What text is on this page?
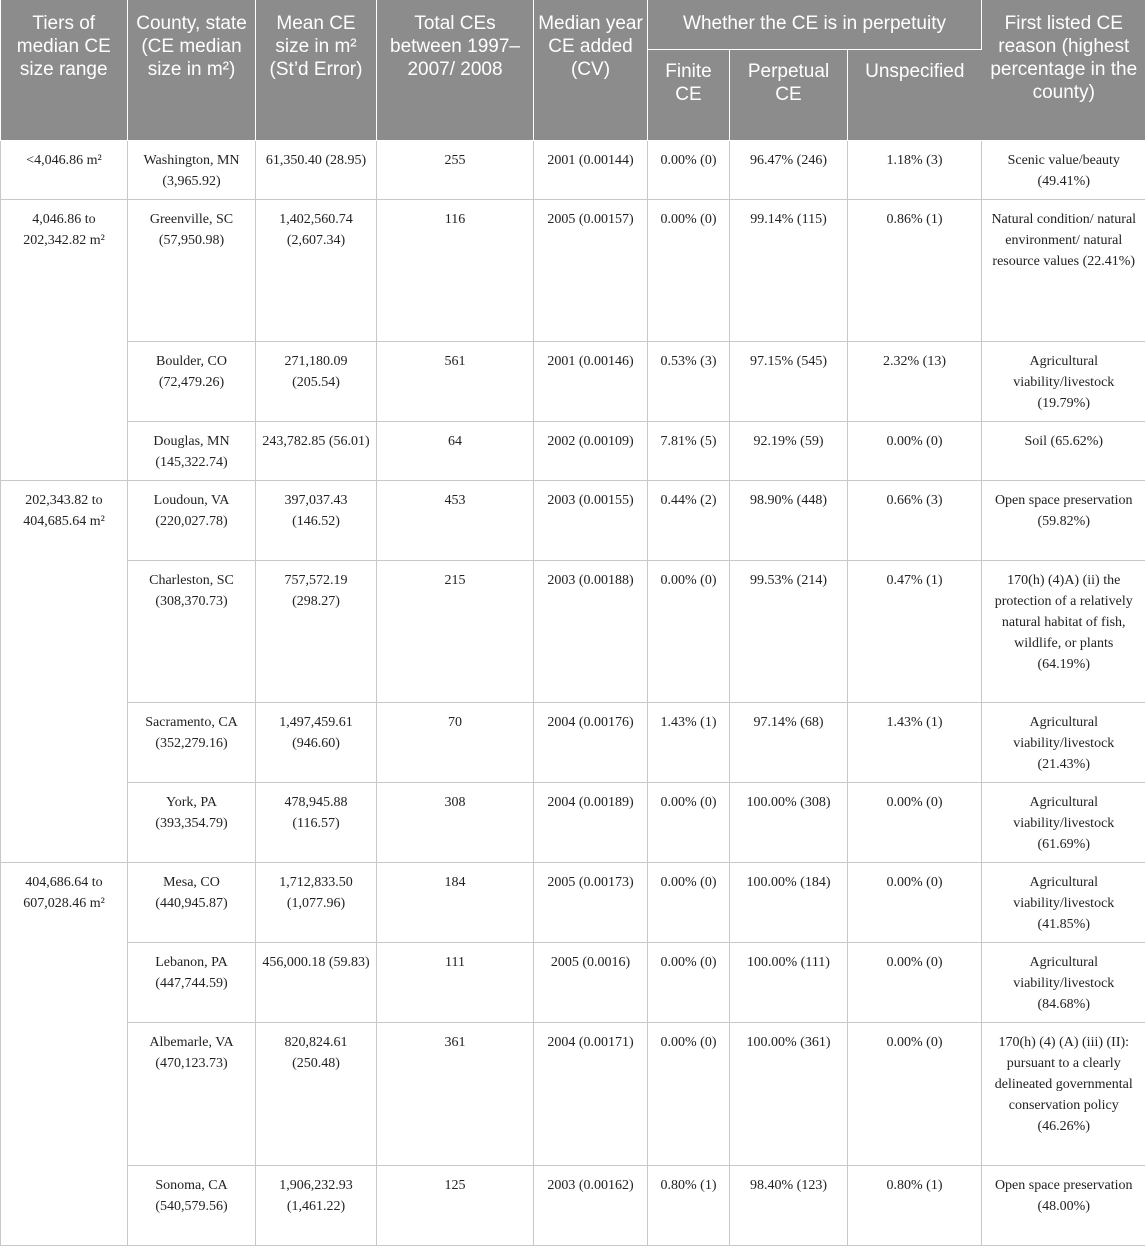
Tiers of median CE size range	County, state (CE median size in m²)	Mean CE size in m² (St’d Error)	Total CEs between 1997–2007/ 2008	Median year CE added (CV)	Whether the CE is in perpetuity			First listed CE reason (highest percentage in the county)
					Finite CE	Perpetual CE	Unspecified	
<4,046.86 m²	Washington, MN (3,965.92)	61,350.40 (28.95)	255	2001 (0.00144)	0.00% (0)	96.47% (246)	1.18% (3)	Scenic value/beauty (49.41%)
4,046.86 to 202,342.82 m²	Greenville, SC (57,950.98)	1,402,560.74 (2,607.34)	116	2005 (0.00157)	0.00% (0)	99.14% (115)	0.86% (1)	Natural condition/ natural environment/ natural resource values (22.41%)
	Boulder, CO (72,479.26)	271,180.09 (205.54)	561	2001 (0.00146)	0.53% (3)	97.15% (545)	2.32% (13)	Agricultural viability/livestock (19.79%)
	Douglas, MN (145,322.74)	243,782.85 (56.01)	64	2002 (0.00109)	7.81% (5)	92.19% (59)	0.00% (0)	Soil (65.62%)
202,343.82 to 404,685.64 m²	Loudoun, VA (220,027.78)	397,037.43 (146.52)	453	2003 (0.00155)	0.44% (2)	98.90% (448)	0.66% (3)	Open space preservation (59.82%)
	Charleston, SC (308,370.73)	757,572.19 (298.27)	215	2003 (0.00188)	0.00% (0)	99.53% (214)	0.47% (1)	170(h) (4)A) (ii) the protection of a relatively natural habitat of fish, wildlife, or plants (64.19%)
	Sacramento, CA (352,279.16)	1,497,459.61 (946.60)	70	2004 (0.00176)	1.43% (1)	97.14% (68)	1.43% (1)	Agricultural viability/livestock (21.43%)
	York, PA (393,354.79)	478,945.88 (116.57)	308	2004 (0.00189)	0.00% (0)	100.00% (308)	0.00% (0)	Agricultural viability/livestock (61.69%)
404,686.64 to 607,028.46 m²	Mesa, CO (440,945.87)	1,712,833.50 (1,077.96)	184	2005 (0.00173)	0.00% (0)	100.00% (184)	0.00% (0)	Agricultural viability/livestock (41.85%)
	Lebanon, PA (447,744.59)	456,000.18 (59.83)	111	2005 (0.0016)	0.00% (0)	100.00% (111)	0.00% (0)	Agricultural viability/livestock (84.68%)
	Albemarle, VA (470,123.73)	820,824.61 (250.48)	361	2004 (0.00171)	0.00% (0)	100.00% (361)	0.00% (0)	170(h) (4) (A) (iii) (II): pursuant to a clearly delineated governmental conservation policy (46.26%)
	Sonoma, CA (540,579.56)	1,906,232.93 (1,461.22)	125	2003 (0.00162)	0.80% (1)	98.40% (123)	0.80% (1)	Open space preservation (48.00%)
